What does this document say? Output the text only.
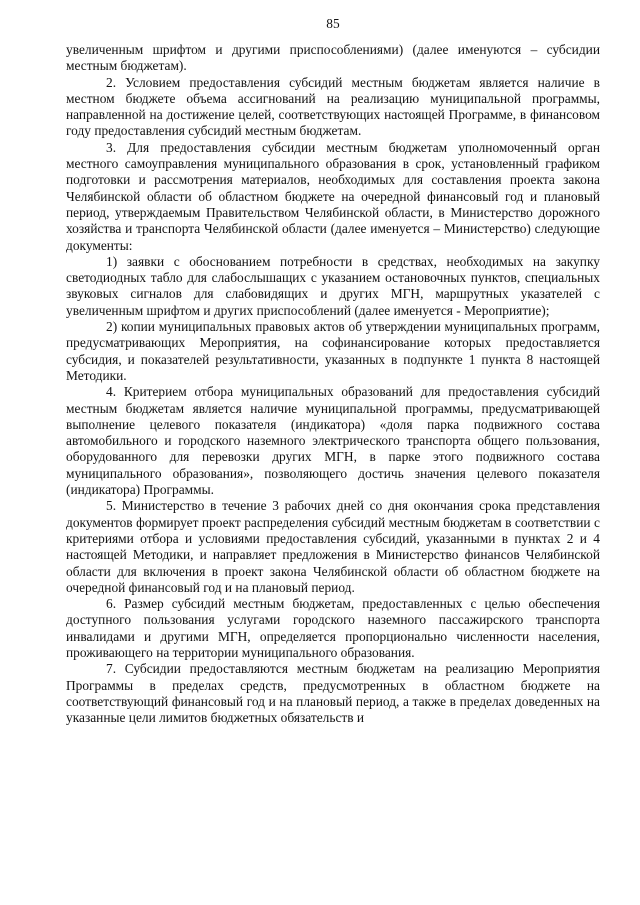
85

увеличенным шрифтом и другими приспособлениями) (далее именуются – субсидии местным бюджетам).

2. Условием предоставления субсидий местным бюджетам является наличие в местном бюджете объема ассигнований на реализацию муниципальной программы, направленной на достижение целей, соответствующих настоящей Программе, в финансовом году предоставления субсидий местным бюджетам.

3. Для предоставления субсидии местным бюджетам уполномоченный орган местного самоуправления муниципального образования в срок, установленный графиком подготовки и рассмотрения материалов, необходимых для составления проекта закона Челябинской области об областном бюджете на очередной финансовый год и плановый период, утверждаемым Правительством Челябинской области, в Министерство дорожного хозяйства и транспорта Челябинской области (далее именуется – Министерство) следующие документы:

1) заявки с обоснованием потребности в средствах, необходимых на закупку светодиодных табло для слабослышащих с указанием остановочных пунктов, специальных звуковых сигналов для слабовидящих и других МГН, маршрутных указателей с увеличенным шрифтом и других приспособлений (далее именуется - Мероприятие);

2) копии муниципальных правовых актов об утверждении муниципальных программ, предусматривающих Мероприятия, на софинансирование которых предоставляется субсидия, и показателей результативности, указанных в подпункте 1 пункта 8 настоящей Методики.

4. Критерием отбора муниципальных образований для предоставления субсидий местным бюджетам является наличие муниципальной программы, предусматривающей выполнение целевого показателя (индикатора) «доля парка подвижного состава автомобильного и городского наземного электрического транспорта общего пользования, оборудованного для перевозки других МГН, в парке этого подвижного состава муниципального образования», позволяющего достичь значения целевого показателя (индикатора) Программы.

5. Министерство в течение 3 рабочих дней со дня окончания срока представления документов формирует проект распределения субсидий местным бюджетам в соответствии с критериями отбора и условиями предоставления субсидий, указанными в пунктах 2 и 4 настоящей Методики, и направляет предложения в Министерство финансов Челябинской области для включения в проект закона Челябинской области об областном бюджете на очередной финансовый год и на плановый период.

6. Размер субсидий местным бюджетам, предоставленных с целью обеспечения доступного пользования услугами городского наземного пассажирского транспорта инвалидами и другими МГН, определяется пропорционально численности населения, проживающего на территории муниципального образования.

7. Субсидии предоставляются местным бюджетам на реализацию Мероприятия Программы в пределах средств, предусмотренных в областном бюджете на соответствующий финансовый год и на плановый период, а также в пределах доведенных на указанные цели лимитов бюджетных обязательств и
